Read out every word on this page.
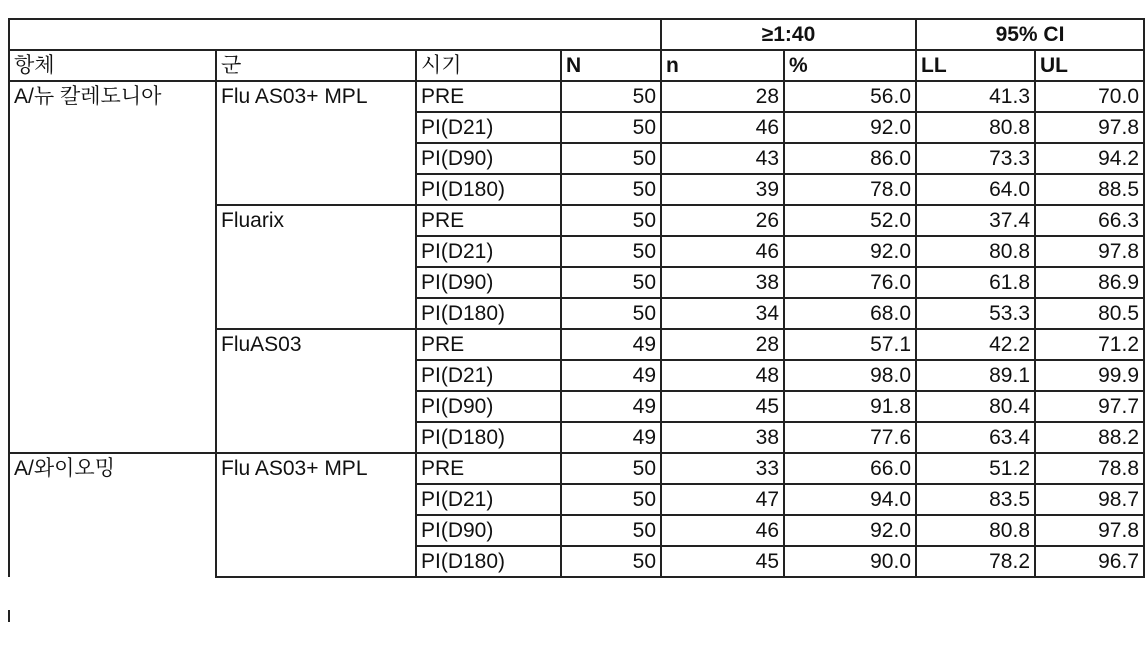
	≥1:40	95% CI
항체	군	시기	N	n	%	LL	UL
A/뉴 칼레도니아	Flu AS03+ MPL	PRE	50	28	56.0	41.3	70.0
PI(D21)	50	46	92.0	80.8	97.8
PI(D90)	50	43	86.0	73.3	94.2
PI(D180)	50	39	78.0	64.0	88.5
Fluarix	PRE	50	26	52.0	37.4	66.3
PI(D21)	50	46	92.0	80.8	97.8
PI(D90)	50	38	76.0	61.8	86.9
PI(D180)	50	34	68.0	53.3	80.5
FluAS03	PRE	49	28	57.1	42.2	71.2
PI(D21)	49	48	98.0	89.1	99.9
PI(D90)	49	45	91.8	80.4	97.7
PI(D180)	49	38	77.6	63.4	88.2
A/와이오밍	Flu AS03+ MPL	PRE	50	33	66.0	51.2	78.8
PI(D21)	50	47	94.0	83.5	98.7
PI(D90)	50	46	92.0	80.8	97.8
PI(D180)	50	45	90.0	78.2	96.7
